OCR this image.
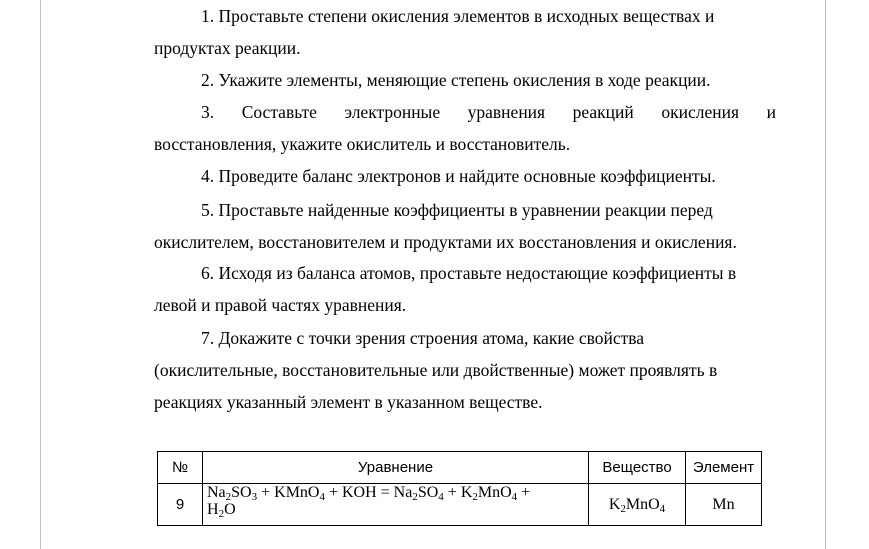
1. Проставьте степени окисления элементов в исходных веществах и

продуктах реакции.

2. Укажите элементы, меняющие степень окисления в ходе реакции.

3. Составьте электронные уравнения реакций окисления и

восстановления, укажите окислитель и восстановитель.

4. Проведите баланс электронов и найдите основные коэффициенты.

5. Проставьте найденные коэффициенты в уравнении реакции перед

окислителем, восстановителем и продуктами их восстановления и окисления.

6. Исходя из баланса атомов, проставьте недостающие коэффициенты в

левой и правой частях уравнения.

7. Докажите с точки зрения строения атома, какие свойства

(окислительные, восстановительные или двойственные) может проявлять в

реакциях указанный элемент в указанном веществе.

№	Уравнение	Вещество	Элемент
9	$Na_2SO_3$ + KMnO$_4$ + KOH = $Na_2SO_4 + K_2MnO_4$ +
$H_2O$	$K_2MnO_4$	Mn
